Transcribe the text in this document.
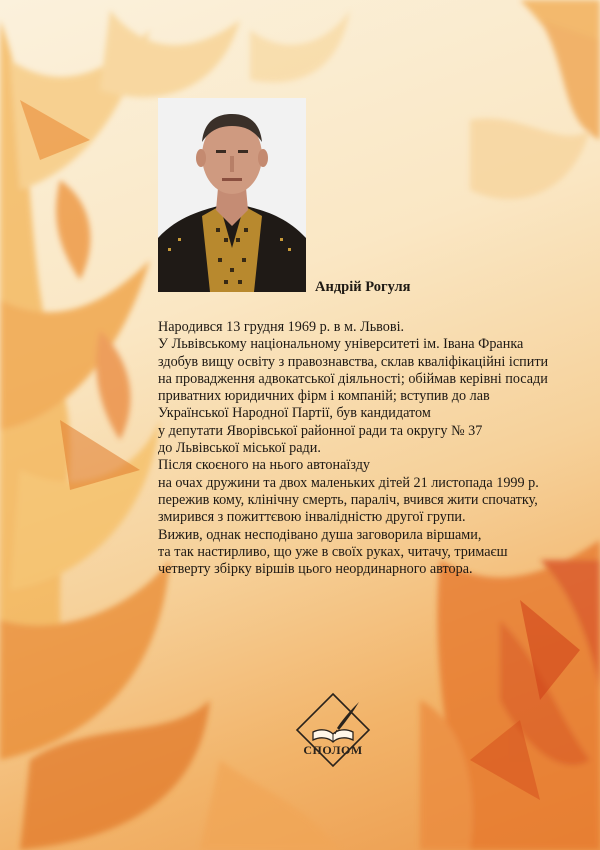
Андрій Рогуля
Народився 13 грудня 1969 р. в м. Львові.
У Львівському національному університеті ім. Івана Франка
здобув вищу освіту з правознавства, склав кваліфікаційні іспити
на провадження адвокатської діяльності; обіймав керівні посади
приватних юридичних фірм і компаній; вступив до лав
Української Народної Партії, був кандидатом
у депутати Яворівської районної ради та округу № 37
до Львівської міської ради.
Після скоєного на нього автонаїзду
на очах дружини та двох маленьких дітей 21 листопада 1999 р.
пережив кому, клінічну смерть, параліч, вчився жити спочатку,
змирився з пожиттєвою інвалідністю другої групи.
Вижив, однак несподівано душа заговорила віршами,
та так настирливо, що уже в своїх руках, читачу, тримаєш
четверту збірку віршів цього неординарного автора.
СПОЛОМ
